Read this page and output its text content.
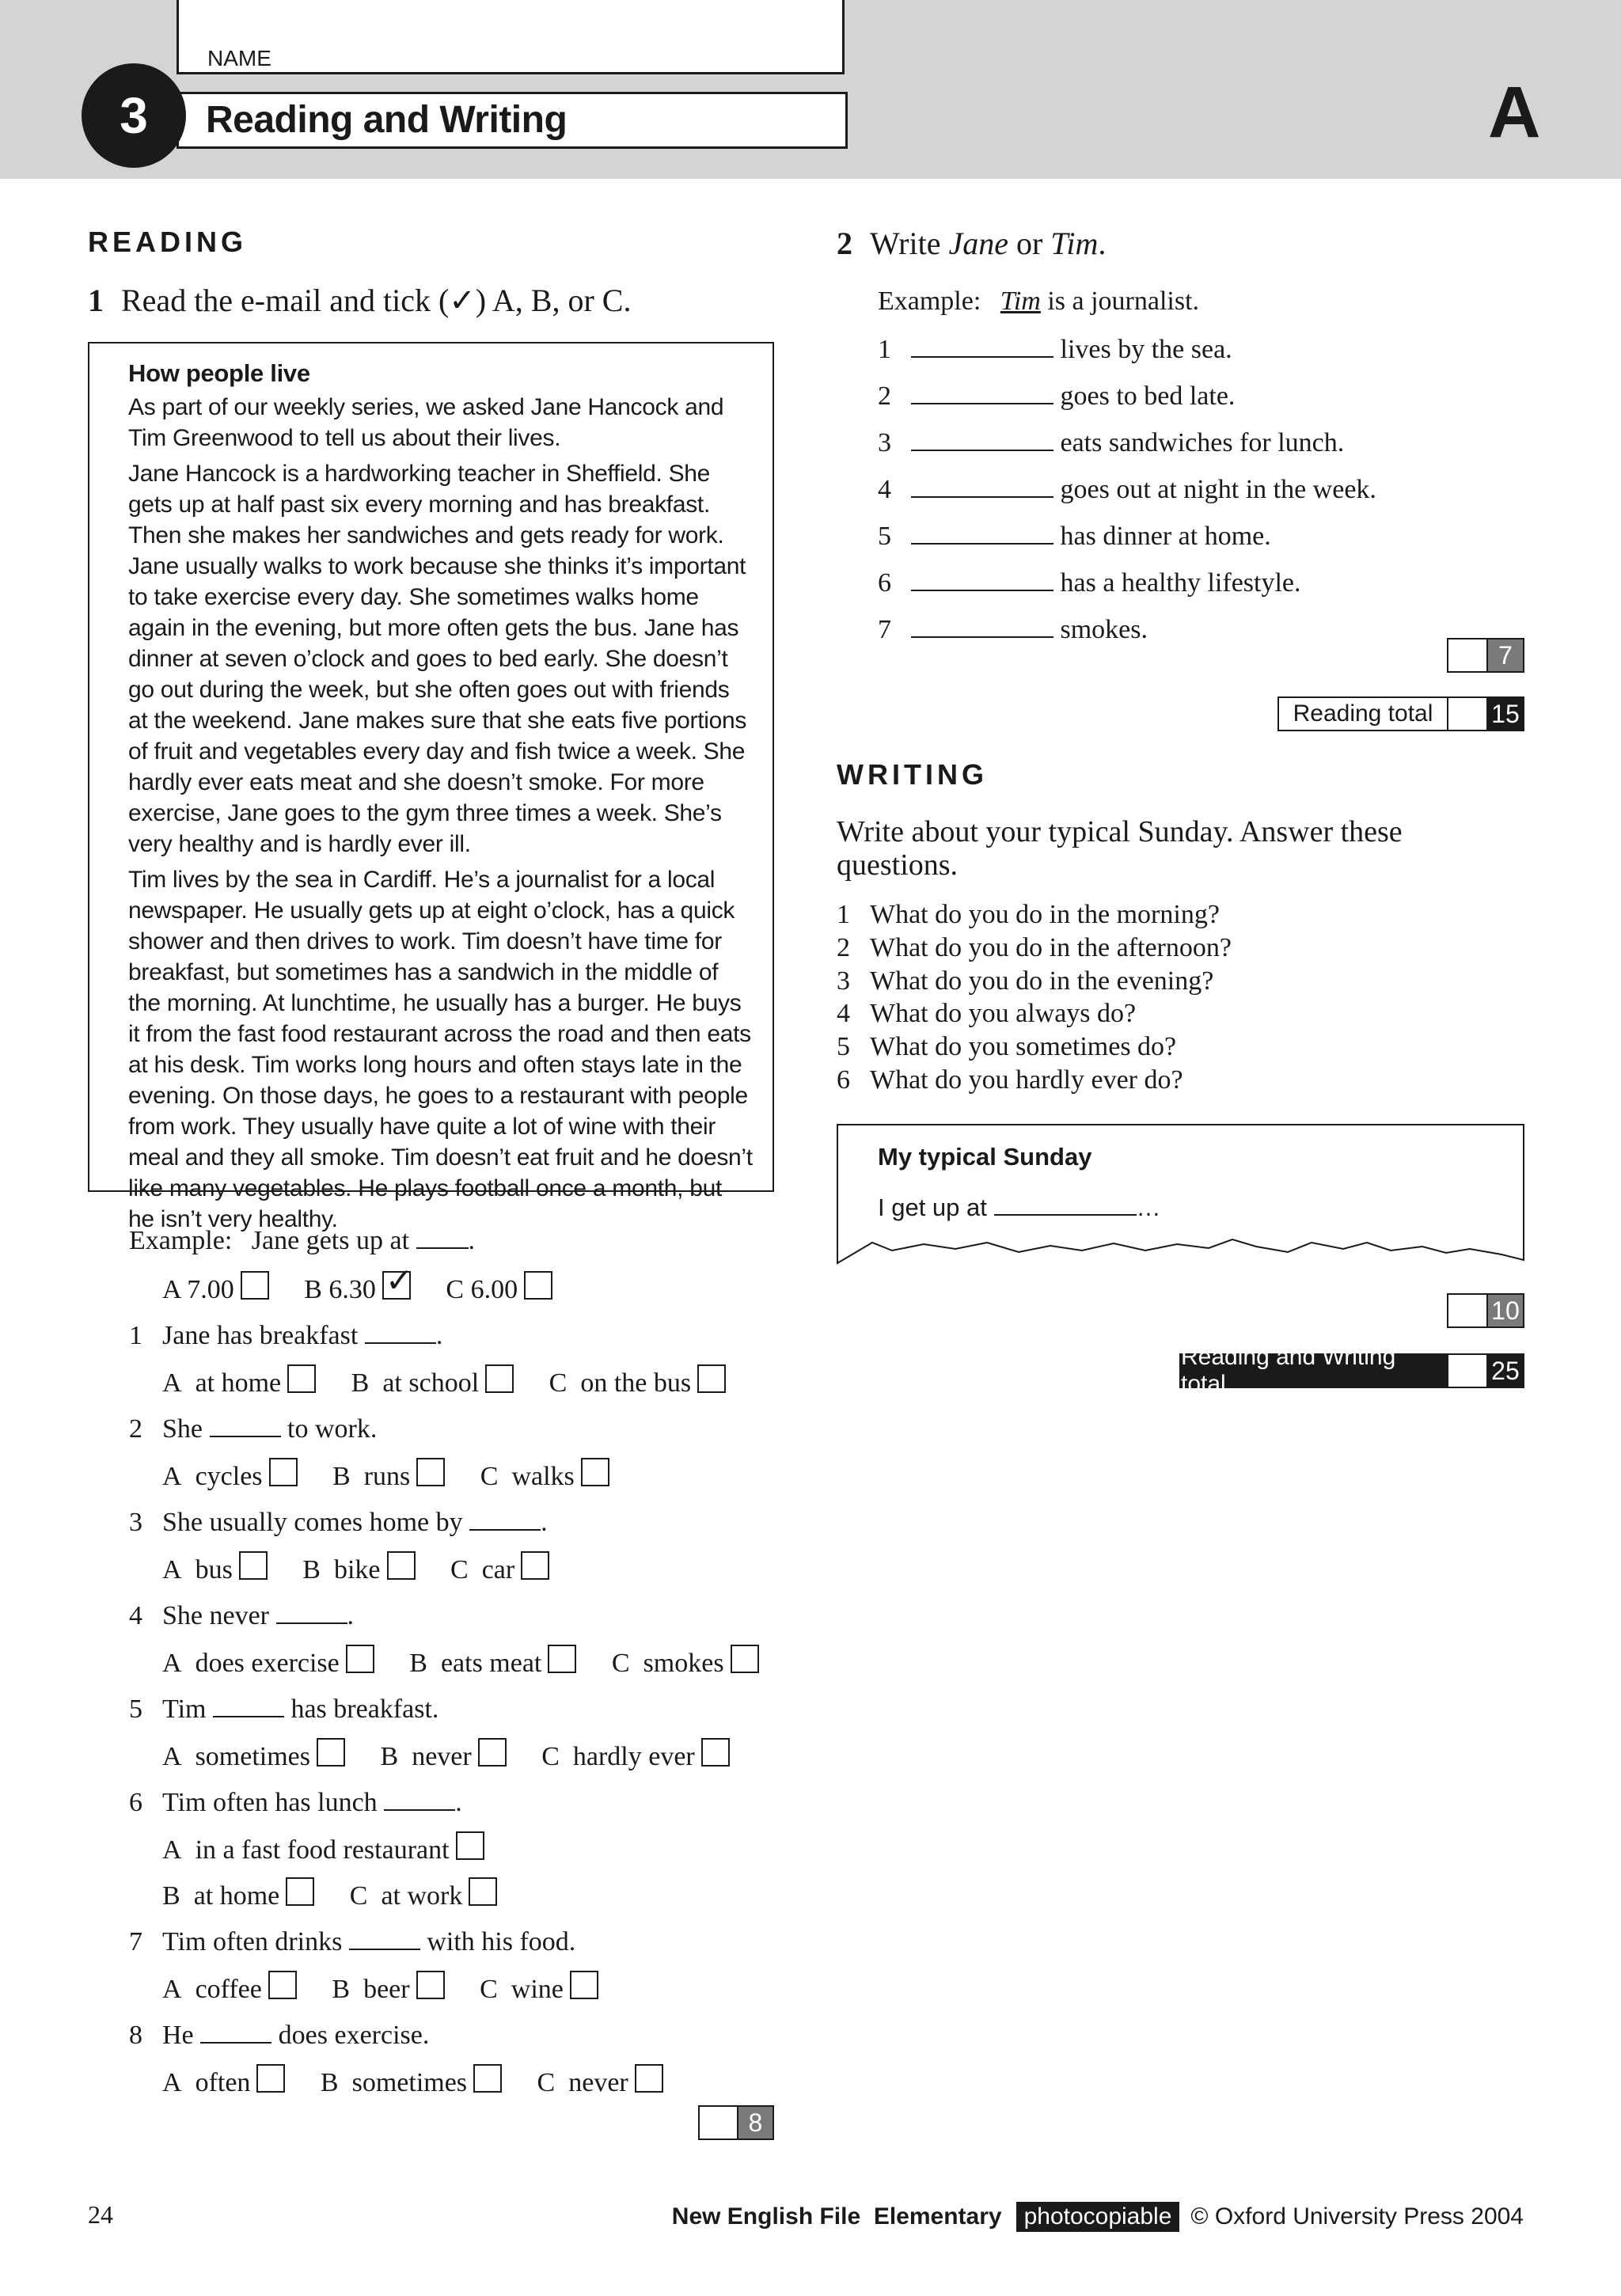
NAME
Reading and Writing
3	A
READING
1 Read the e-mail and tick (✓) A, B, or C.
How people live

As part of our weekly series, we asked Jane Hancock and Tim Greenwood to tell us about their lives.

Jane Hancock is a hardworking teacher in Sheffield. She gets up at half past six every morning and has breakfast. Then she makes her sandwiches and gets ready for work. Jane usually walks to work because she thinks it’s important to take exercise every day. She sometimes walks home again in the evening, but more often gets the bus. Jane has dinner at seven o’clock and goes to bed early. She doesn’t go out during the week, but she often goes out with friends at the weekend. Jane makes sure that she eats five portions of fruit and vegetables every day and fish twice a week. She hardly ever eats meat and she doesn’t smoke. For more exercise, Jane goes to the gym three times a week. She’s very healthy and is hardly ever ill.

Tim lives by the sea in Cardiff. He’s a journalist for a local newspaper. He usually gets up at eight o’clock, has a quick shower and then drives to work. Tim doesn’t have time for breakfast, but sometimes has a sandwich in the middle of the morning. At lunchtime, he usually has a burger. He buys it from the fast food restaurant across the road and then eats at his desk. Tim works long hours and often stays late in the evening. On those days, he goes to a restaurant with people from work. They usually have quite a lot of wine with their meal and they all smoke. Tim doesn’t eat fruit and he doesn’t like many vegetables. He plays football once a month, but he isn’t very healthy.

Example: Jane gets up at .
A 7.00	B 6.30 ✓ C 6.00
1 Jane has breakfast	.
A at home	B at school	C on the bus
2 She	to work.
A cycles	B runs	C walks
3 She usually comes home by	.
A bus	B bike	C car
4 She never	.
A does exercise	B eats meat	C smokes
5 Tim	has breakfast.
A sometimes	B never	C hardly ever
6 Tim often has lunch	.
A in a fast food restaurant
B at home	C at work
7 Tim often drinks	with his food.
A coffee	B beer	C wine
8 He	does exercise.
A often	B sometimes	C never
8
2 Write Jane or Tim.
Example: Tim is a journalist.
1	lives by the sea.
2	goes to bed late.
3	eats sandwiches for lunch.
4	goes out at night in the week.
5	has dinner at home.
6	has a healthy lifestyle.
7	smokes.
7
Reading total	15
WRITING
Write about your typical Sunday. Answer these questions.
1 What do you do in the morning?
2 What do you do in the afternoon?
3 What do you do in the evening?
4 What do you always do?
5 What do you sometimes do?
6 What do you hardly ever do?
My typical Sunday
I get up at	…
10
Reading and Writing total	25
24	New English File  Elementary photocopiable © Oxford University Press 2004
